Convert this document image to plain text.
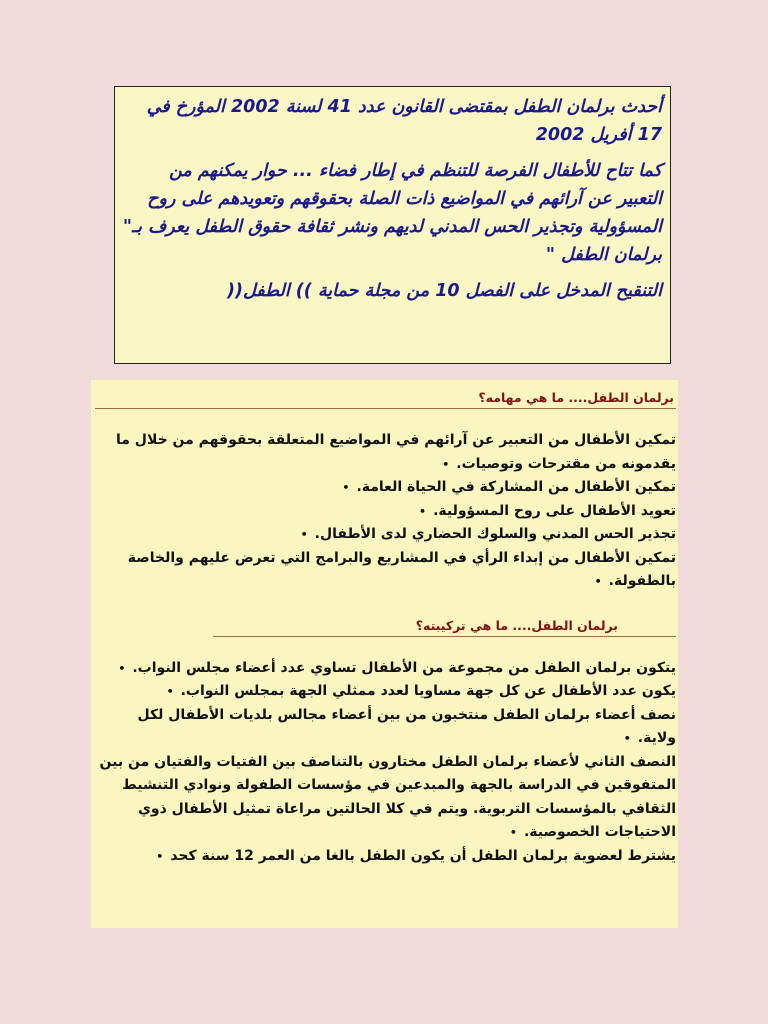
أحدث برلمان الطفل بمقتضى القانون عدد 41 لسنة 2002 المؤرخ في 17 أفريل 2002

كما تتاح للأطفال الفرصة للتنظم في إطار فضاء ... حوار يمكنهم من التعبير عن آرائهم في المواضيع ذات الصلة بحقوقهم وتعويدهم على روح المسؤولية وتجذير الحس المدني لديهم ونشر ثقافة حقوق الطفل يعرف بـ" برلمان الطفل "

التنقيح المدخل على الفصل 10 من مجلة حماية )) الطفل((

برلمان الطفل.... ما هي مهامه؟
تمكين الأطفال من التعبير عن آرائهم في المواضيع المتعلقة بحقوقهم من خلال ما يقدمونه من مقترحات وتوصيات.•
تمكين الأطفال من المشاركة في الحياة العامة.•
تعويد الأطفال على روح المسؤولية.•
تجذير الحس المدني والسلوك الحضاري لدى الأطفال.•
تمكين الأطفال من إبداء الرأي في المشاريع والبرامج التي تعرض عليهم والخاصة بالطفولة.•
برلمان الطفل.... ما هي تركيبته؟
يتكون برلمان الطفل من مجموعة من الأطفال تساوي عدد أعضاء مجلس النواب.•
يكون عدد الأطفال عن كل جهة مساويا لعدد ممثلي الجهة بمجلس النواب.•
نصف أعضاء برلمان الطفل منتخبون من بين أعضاء مجالس بلديات الأطفال لكل ولاية.•
النصف الثاني لأعضاء برلمان الطفل مختارون بالتناصف بين الفتيات والفتيان من بين المتفوقين في الدراسة بالجهة والمبدعين في مؤسسات الطفولة ونوادي التنشيط الثقافي بالمؤسسات التربوية. ويتم في كلا الحالتين مراعاة تمثيل الأطفال ذوي الاحتياجات الخصوصية.•
يشترط لعضوية برلمان الطفل أن يكون الطفل بالغا من العمر 12 سنة كحد•
